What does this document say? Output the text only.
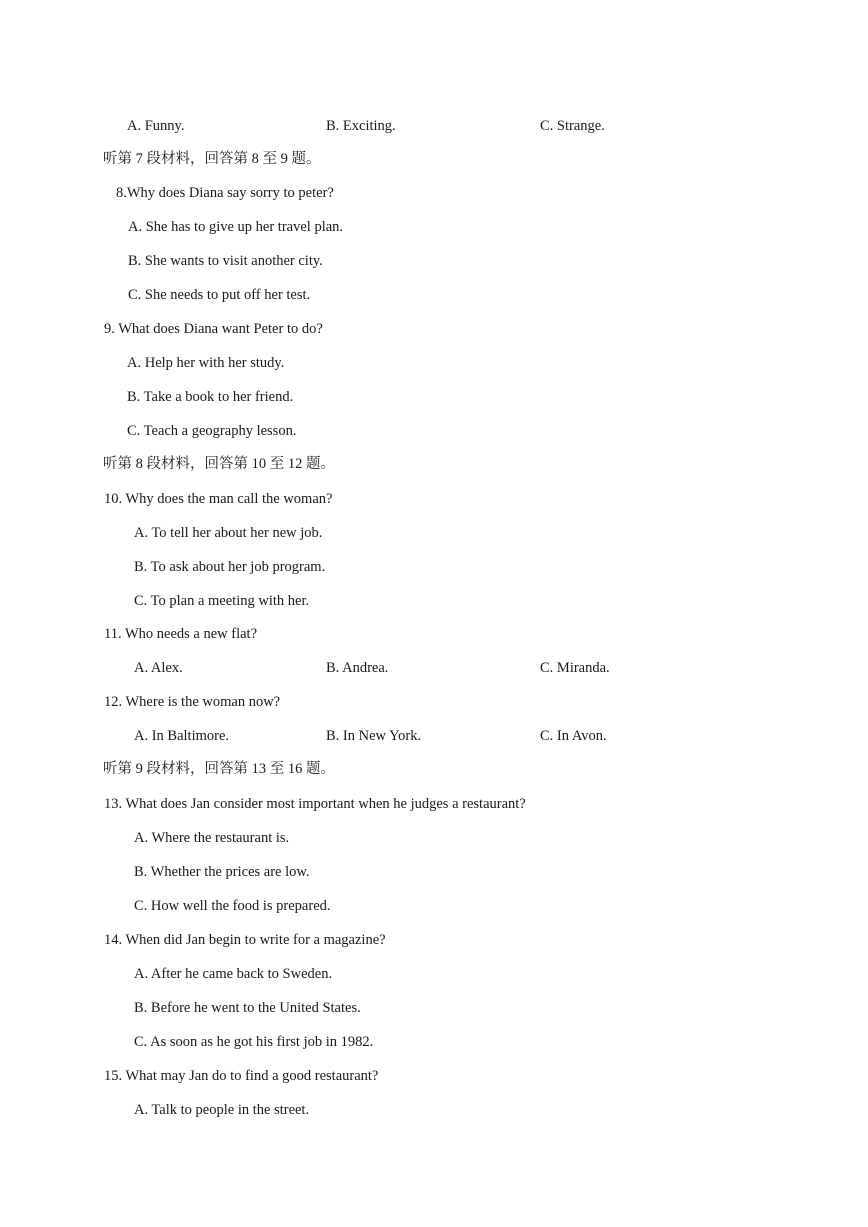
A. Funny.	B. Exciting.	C. Strange.
听第 7 段材料，回答第 8 至 9 题。
8.Why does Diana say sorry to peter?
A. She has to give up her travel plan.
B. She wants to visit another city.
C. She needs to put off her test.
9. What does Diana want Peter to do?
A. Help her with her study.
B. Take a book to her friend.
C. Teach a geography lesson.
听第 8 段材料，回答第 10 至 12 题。
10. Why does the man call the woman?
A. To tell her about her new job.
B. To ask about her job program.
C. To plan a meeting with her.
11. Who needs a new flat?
A. Alex.	B. Andrea.	C. Miranda.
12. Where is the woman now?
A. In Baltimore.	B. In New York.	C. In Avon.
听第 9 段材料，回答第 13 至 16 题。
13. What does Jan consider most important when he judges a restaurant?
A. Where the restaurant is.
B. Whether the prices are low.
C. How well the food is prepared.
14. When did Jan begin to write for a magazine?
A. After he came back to Sweden.
B. Before he went to the United States.
C. As soon as he got his first job in 1982.
15. What may Jan do to find a good restaurant?
A. Talk to people in the street.
